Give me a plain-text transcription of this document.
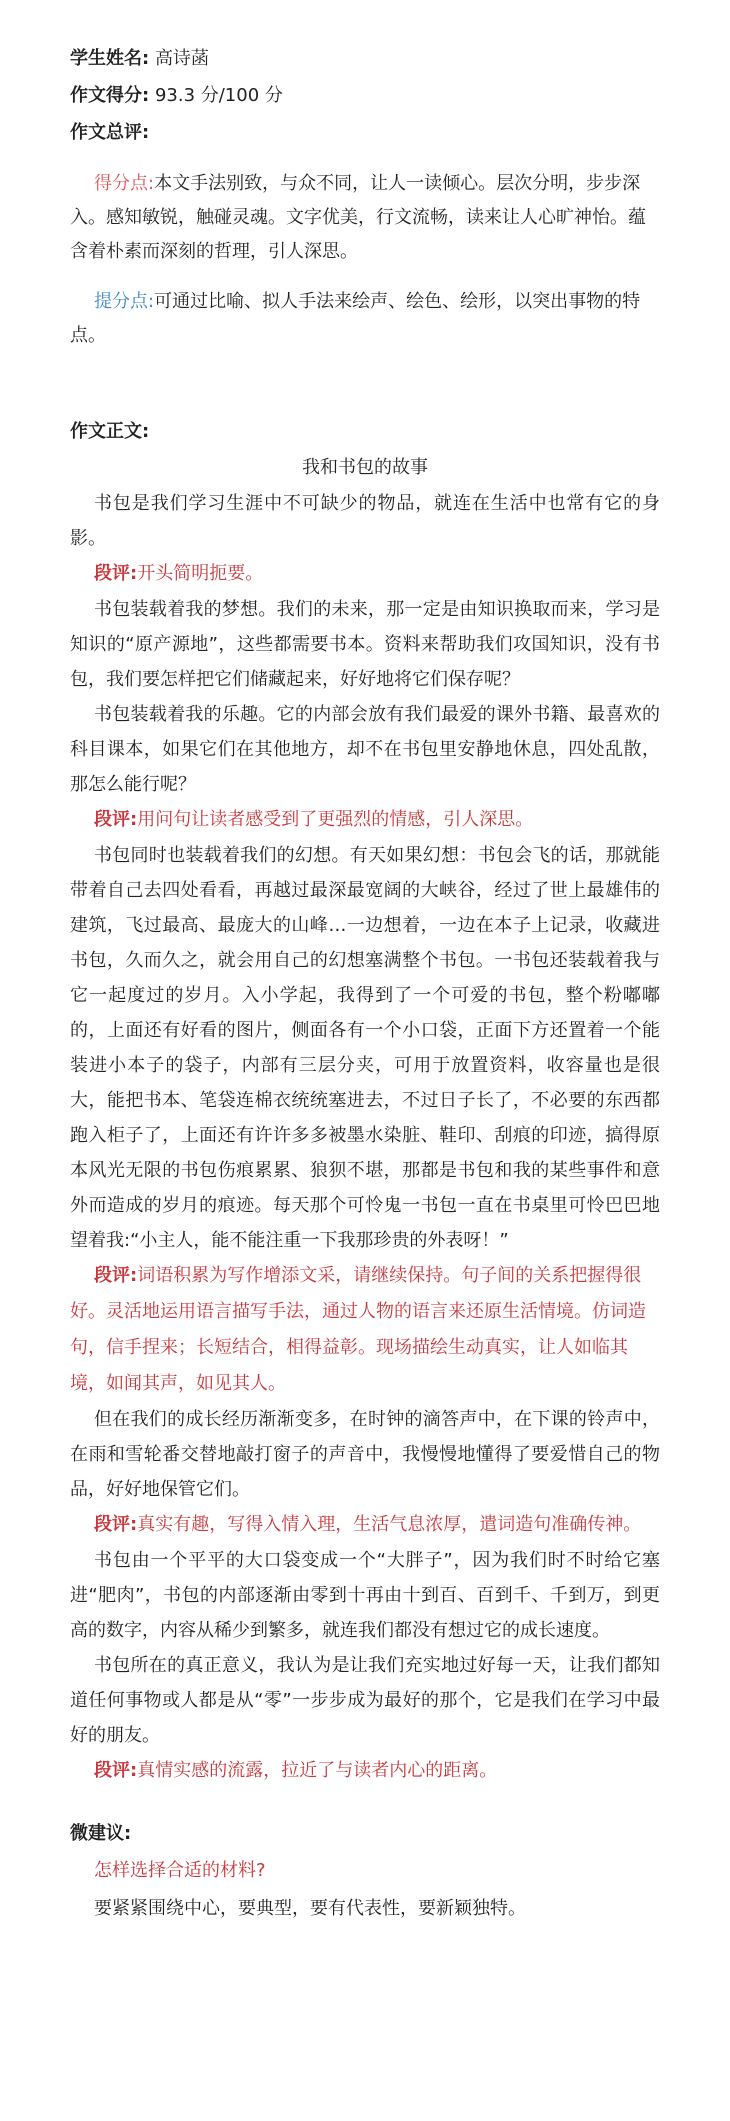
学生姓名: 高诗菡
作文得分: 93.3 分/100 分
作文总评:

得分点:本文手法别致，与众不同，让人一读倾心。层次分明，步步深入。感知敏锐，触碰灵魂。文字优美，行文流畅，读来让人心旷神怡。蕴含着朴素而深刻的哲理，引人深思。

提分点:可通过比喻、拟人手法来绘声、绘色、绘形，以突出事物的特点。

作文正文:

我和书包的故事

书包是我们学习生涯中不可缺少的物品，就连在生活中也常有它的身影。

段评:开头简明扼要。

书包装载着我的梦想。我们的未来，那一定是由知识换取而来，学习是知识的“原产源地”，这些都需要书本。资料来帮助我们攻国知识，没有书包，我们要怎样把它们储藏起来，好好地将它们保存呢？

书包装载着我的乐趣。它的内部会放有我们最爱的课外书籍、最喜欢的科目课本，如果它们在其他地方，却不在书包里安静地休息，四处乱散，那怎么能行呢？

段评:用问句让读者感受到了更强烈的情感，引人深思。

书包同时也装载着我们的幻想。有天如果幻想：书包会飞的话，那就能带着自己去四处看看，再越过最深最宽阔的大峡谷，经过了世上最雄伟的建筑，飞过最高、最庞大的山峰…一边想着，一边在本子上记录，收藏进书包，久而久之，就会用自己的幻想塞满整个书包。一书包还装载着我与它一起度过的岁月。入小学起，我得到了一个可爱的书包，整个粉嘟嘟的，上面还有好看的图片，侧面各有一个小口袋，正面下方还置着一个能装进小本子的袋子，内部有三层分夹，可用于放置资料，收容量也是很大，能把书本、笔袋连棉衣统统塞进去，不过日子长了，不必要的东西都跑入柜子了，上面还有许许多多被墨水染脏、鞋印、刮痕的印迹，搞得原本风光无限的书包伤痕累累、狼狈不堪，那都是书包和我的某些事件和意外而造成的岁月的痕迹。每天那个可怜鬼一书包一直在书桌里可怜巴巴地望着我:“小主人，能不能注重一下我那珍贵的外表呀！”

段评:词语积累为写作增添文采，请继续保持。句子间的关系把握得很好。灵活地运用语言描写手法，通过人物的语言来还原生活情境。仿词造句，信手捏来；长短结合，相得益彰。现场描绘生动真实，让人如临其境，如闻其声，如见其人。

但在我们的成长经历渐渐变多，在时钟的滴答声中，在下课的铃声中，在雨和雪轮番交替地敲打窗子的声音中，我慢慢地懂得了要爱惜自己的物品，好好地保管它们。

段评:真实有趣，写得入情入理，生活气息浓厚，遣词造句准确传神。

书包由一个平平的大口袋变成一个“大胖子”，因为我们时不时给它塞进“肥肉”，书包的内部逐渐由零到十再由十到百、百到千、千到万，到更高的数字，内容从稀少到繁多，就连我们都没有想过它的成长速度。

书包所在的真正意义，我认为是让我们充实地过好每一天，让我们都知道任何事物或人都是从“零”一步步成为最好的那个，它是我们在学习中最好的朋友。

段评:真情实感的流露，拉近了与读者内心的距离。

微建议:

怎样选择合适的材料?

要紧紧围绕中心，要典型，要有代表性，要新颖独特。
